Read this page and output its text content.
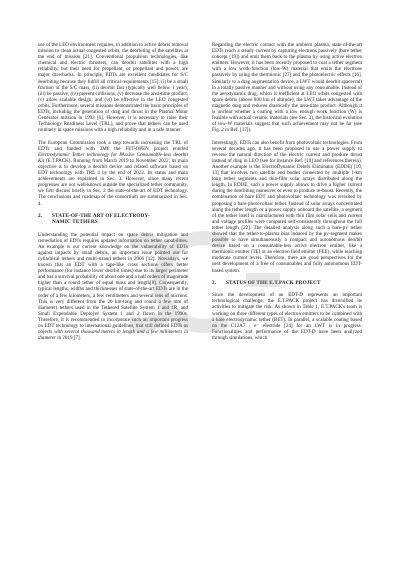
use of the LEO environment requires, in addition to active debris removal mission to clean actual congested orbits, the deorbiting of the satellites at the end of mission [21]. Conventional propulsion technologies, like chemical and electric thrusters, can deorbit satellites with a high reliability, but their need for propellant, or propellant and power, are major drawbacks. In principle, EDTs are excellent candidates for S/C deorbiting because they fulfill all critical requirements [15]: (i) be a small fraction of the S/C mass, (ii) deorbit fast (typically well below 1 year), (iii) be passive, (iv) prevent collisions, (v) decrease the area-time product, (v) allow scalable design, and (vi) be effective in the LEO congested orbits. Furthermore, several missions demonstrated the basic principles of EDTs, including the generation of drag and thrust in the Plasma Motor Generator mission in 1993 [6]. However, it is necessary to raise their Technology Readiness Level (TRL), and prove that tethers can be used routinely in space missions with a high reliability and in a safe manner.

The European Commission took a step towards increasing the TRL of EDTs and funded with 3M€ the FET-OPEN project entitled Electrodynamic Tether technology for PAssive Consumable-less deorbit Kit (E.T.PACK). Running from March 2019 to November 2022, its main objective is to develop a deorbit device and related software based on EDT technology with TRL 4 by the end of 2022. Its status and main achievements are explained in Sec. 3. However, since many recent progresses are not well-known outside the specialized tether community, we first discuss briefly in Sec. 2 the state-of-the-art of EDT technology. The conclusions and roadmap of the consortium are summarized in Sec. 4.

2. STATE-OF-THE ART OF ELECTRODY-
NAMIC TETHERS

Understanding the potential impact on space debris mitigation and remediation of EDTs requires updated information on tether capabilities. An example is our current knowledge on the vulnerability of EDTs against impacts by small debris, an important issue pointed out for cylindrical tethers and multi-strand tethers in 2006 [12]. Nowadays, we known that an EDT with a tape-like cross sections offers better performance (for instance lower deorbit times) due to its larger perimeter and has a survival probability of about one and a half orders of magnitude higher than a round tether of equal mass and length[8]. Consequently, typical lengths, widths and thicknesses of state-of-the-art EDTs are in the order of a few kilometers, a few centimeters and several tens of microns. This is very different from the 20 km-long and round a few mm of diameter) tethers used in the Tethered Satellite System 1 and 1R, and Small Expendable Deployer System 1 and 2 flown in the 1990s. Therefore, it is recommended to incorporate such an important progress on EDT technology to international guidelines, that still defined EDTs as objects with several thousand meters in length and a few millimeters in diameter in 2019 [7].

Regarding the electric contact with the ambient plasma, state-of-the-art EDTs reach a steady current by capturing electrons passively (bare tether concept [19]) and emit them back to the plasma by using active electron emitters. However, it has been recently proposed to coat a tether segment with a low work-function (low-W) material that emits the electrons passively by using the thermionic [27] and the photoelectric effects [16]. Similarly to a drag augmentation device, a LWT would deorbit spacecraft in a totally passive manner and without using any consumable. Instead of the aerodynamic drag, which is inefficient at LEO orbits congested with space debris (above 800 km of altitude), the LWT takes advantage of the magnetic drag and reduces drastically the area-time product. Although it is unclear whether a coating with a low enough work function (W) is feasible with actual ceramic materials (see Sec. 3), the historical evolution of low-W materials suggest that such achievement may not be far (see Fig. 2 in Ref. [17]).

Interestingly, EDTs can also benefit from photovoltaic technologies. From several decades ago, it has been proposed to use a power supply to reverse the natural direction of the electric current and produce thrust instead of drag in LEO (see for instance Ref. [19] and references therein). Another example is the ElectroDynamic Debris Eliminator (EDDE) [10, 13] that involves two satellite end bodies connected by multiple 1-km long tether segments and thin-film solar arrays distributed along the length. In EDDE, such a power supply allows to drive a higher current during the deorbiting maneuver or even to produce re-boost. Recently, the combination of bare EDT and photovoltaic technology was revisited by proposing a bare-photovoltaic tether. Instead of solar arrays concentrated along the tether length or a power supply onboard the satellite, a segment of the tether itself is manufactured with thin film solar cells and current and voltage profiles were computed self-consistently throughout the full tether length [22]. The detailed analysis along such a bare-pv tether showed that the tether-to-plasma bias induced by the pv-segment makes possible to have simultaneously a compact and autonomous deorbit device based on a consumable-less active electron emitter, like a thermionic emitter (TE) or an electron field emitter (FEE), while reaching moderate current levels. Therefore, there are good perspectives for the next development of a free of consumables and fully autonomous EDT-based system.

3. STATUS OF THE E.T.PACK PROJECT

Since the development of an EDT-D represents an important technological challenge, the E.T.PACK project has diversified its activities to mitigate the risk. As shown in Table 1, E.T.PACK's team is working on three different types of electron emitters to be combined with a bare electrodynamic tether (BET). In parallel, a scalable coating based on the C12A7 : e⁻ electride [24] for an LWT is in progress. Functionalities and performance of the EDT-D have been analyzed through simulations, which
